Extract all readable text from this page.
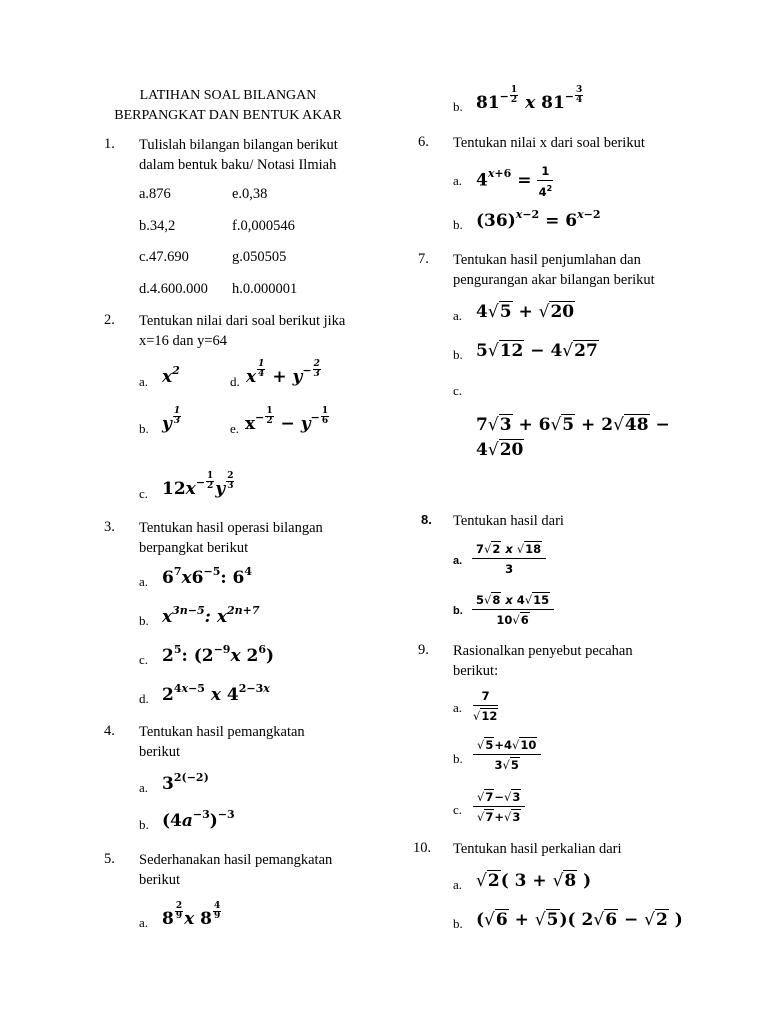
LATIHAN SOAL BILANGAN
BERPANGKAT DAN BENTUK AKAR
1. Tulislah bilangan bilangan berikut
dalam bentuk baku/ Notasi Ilmiah
a.876	e.0,38
b.34,2	f.0,000546
c.47.690	g.050505
d.4.600.000 h.0.000001
2. Tentukan nilai dari soal berikut jika
x=16 dan y=64
a. $x^2$
d. x $\frac{1}{4} + y^- \frac{2}{3}$
b. y $\frac{1}{3}$
e. $x^- \frac{1}{2} - y^- \frac{1}{6}$
c. $12x^- \frac{1}{2}$ y $\frac{2}{3}$
3. Tentukan hasil operasi bilangan
berpangkat berikut
a. $6^7x6^{-5}$: $6^4$
b. $x^{3n-5}$: $x^{2n+7}$
c. $2^5$: ($2^{-9}x$ $2^6$)
d. $2^{4x-5}$ x $4^{2-3x}$
4. Tentukan hasil pemangkatan
berikut
a. $3^{2(-2)}$
b. $(4a^{-3})^{-3}$
5. Sederhanakan hasil pemangkatan
berikut
a. $8 \frac{2}{9}$ x $8 \frac{4}{9}$
b. $81^- \frac{1}{2}$ x $81^- \frac{3}{4}$
6. Tentukan nilai x dari soal berikut
a. $4^{x+6} = \frac{1}{4^2}$
b. $(36)^{x-2} = 6^{x-2}$
7. Tentukan hasil penjumlahan dan
pengurangan akar bilangan berikut
a. 4√5 + √20
b. 5√12 − 4√27
c.
7√3 + 6√5 + 2√48 −
4√20
8. Tentukan hasil dari
a. $\frac{7√2 x √18}{3}$
b. $\frac{5√8 x 4√15}{10√6}$
9. Rasionalkan penyebut pecahan
berikut:
a. $\frac{7}{√12}$
b. $\frac{√5+4√10}{3√5}$
c. $\frac{√7-√3}{√7+√3}$
10. Tentukan hasil perkalian dari
a. √2( 3 + √8 )
b. (√6 + √5)( 2√6 − √2 )
